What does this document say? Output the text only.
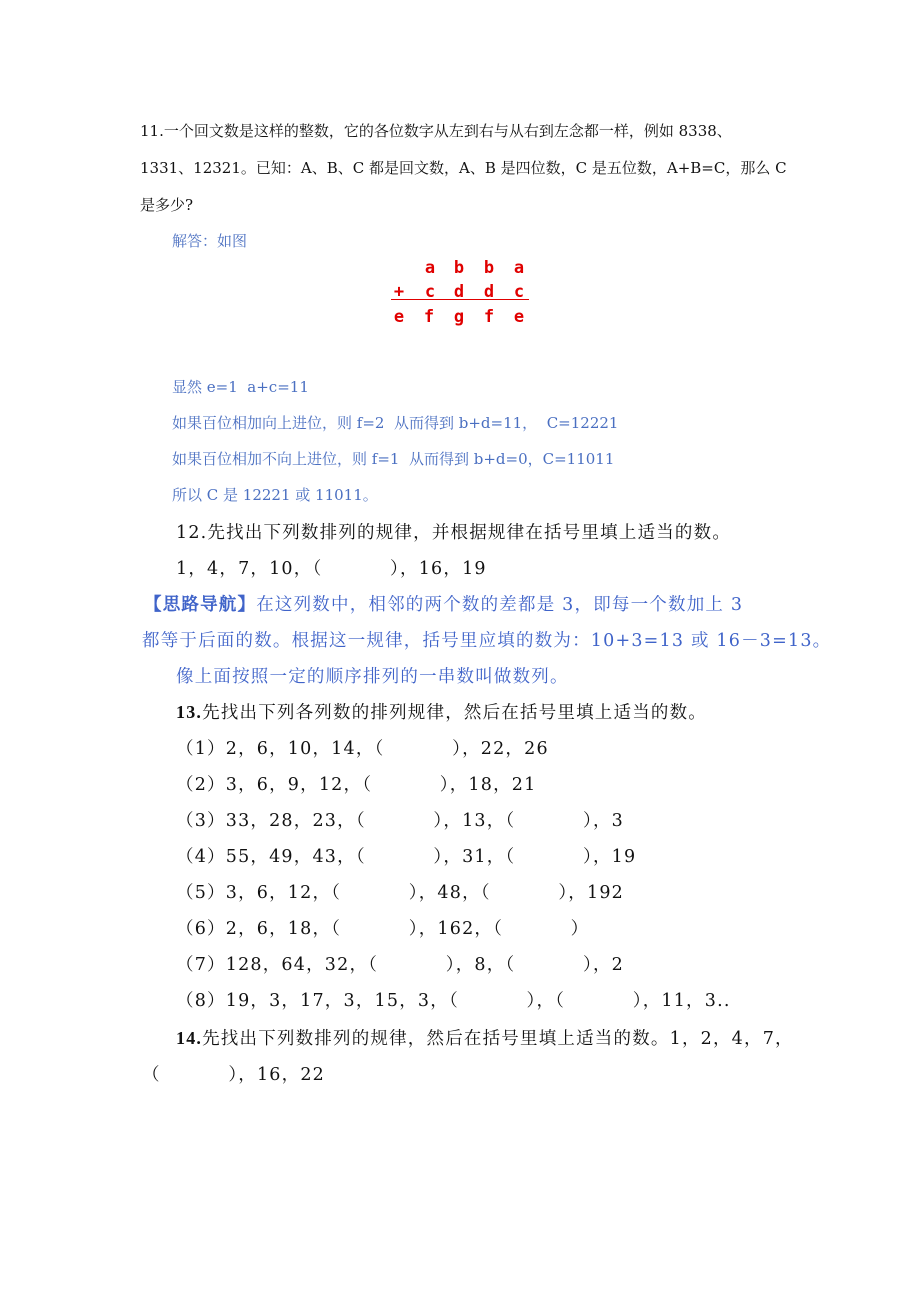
11.一个回文数是这样的整数，它的各位数字从左到右与从右到左念都一样，例如 8338、
1331、12321。已知：A、B、C 都是回文数，A、B 是四位数，C 是五位数，A+B=C，那么 C
是多少?
解答：如图
a b b a
+ c d d c
e f g f e
显然 e=1  a+c=11
如果百位相加向上进位，则 f=2  从而得到 b+d=11，  C=12221
如果百位相加不向上进位，则 f=1  从而得到 b+d=0，C=11011
所以 C 是 12221 或 11011。
12.先找出下列数排列的规律，并根据规律在括号里填上适当的数。
1，4，7，10，（          ），16，19
【思路导航】在这列数中，相邻的两个数的差都是 3，即每一个数加上 3
都等于后面的数。根据这一规律，括号里应填的数为：10+3=13 或 16－3=13。
像上面按照一定的顺序排列的一串数叫做数列。
13.先找出下列各列数的排列规律，然后在括号里填上适当的数。
（1）2，6，10，14，（          ），22，26
（2）3，6，9，12，（          ），18，21
（3）33，28，23，（          ），13，（          ），3
（4）55，49，43，（          ），31，（          ），19
（5）3，6，12，（          ），48，（          ），192
（6）2，6，18，（          ），162，（          ）
（7）128，64，32，（          ），8，（          ），2
（8）19，3，17，3，15，3，（          ），（          ），11，3..
14.先找出下列数排列的规律，然后在括号里填上适当的数。1，2，4，7，
（          ），16，22
